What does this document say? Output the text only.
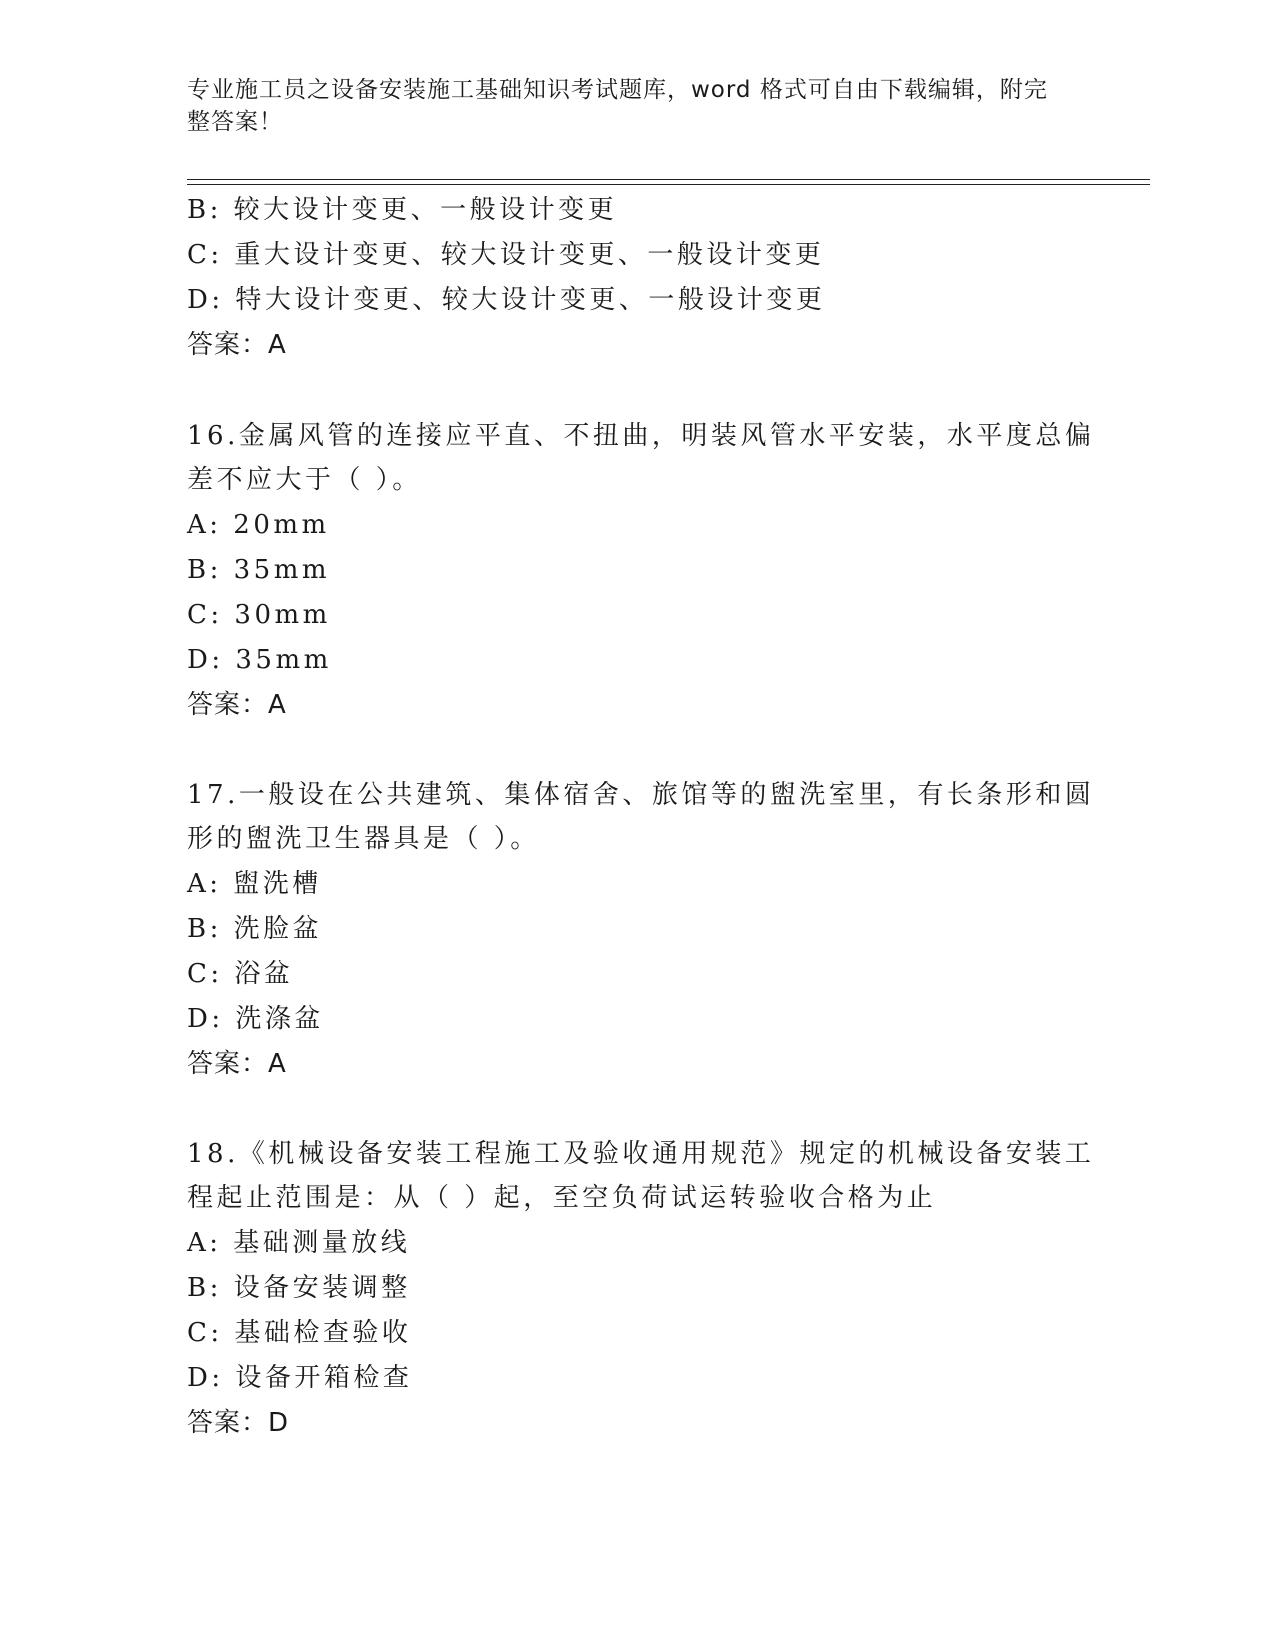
专业施工员之设备安装施工基础知识考试题库，word 格式可自由下载编辑，附完整答案！
B: 较大设计变更、一般设计变更
C: 重大设计变更、较大设计变更、一般设计变更
D: 特大设计变更、较大设计变更、一般设计变更
答案：A
16.金属风管的连接应平直、不扭曲，明装风管水平安装，水平度总偏
差不应大于（ ）。
A: 20mm
B: 35mm
C: 30mm
D: 35mm
答案：A
17.一般设在公共建筑、集体宿舍、旅馆等的盥洗室里，有长条形和圆
形的盥洗卫生器具是（ ）。
A: 盥洗槽
B: 洗脸盆
C: 浴盆
D: 洗涤盆
答案：A
18.《机械设备安装工程施工及验收通用规范》规定的机械设备安装工
程起止范围是：从（ ）起，至空负荷试运转验收合格为止
A: 基础测量放线
B: 设备安装调整
C: 基础检查验收
D: 设备开箱检查
答案：D
